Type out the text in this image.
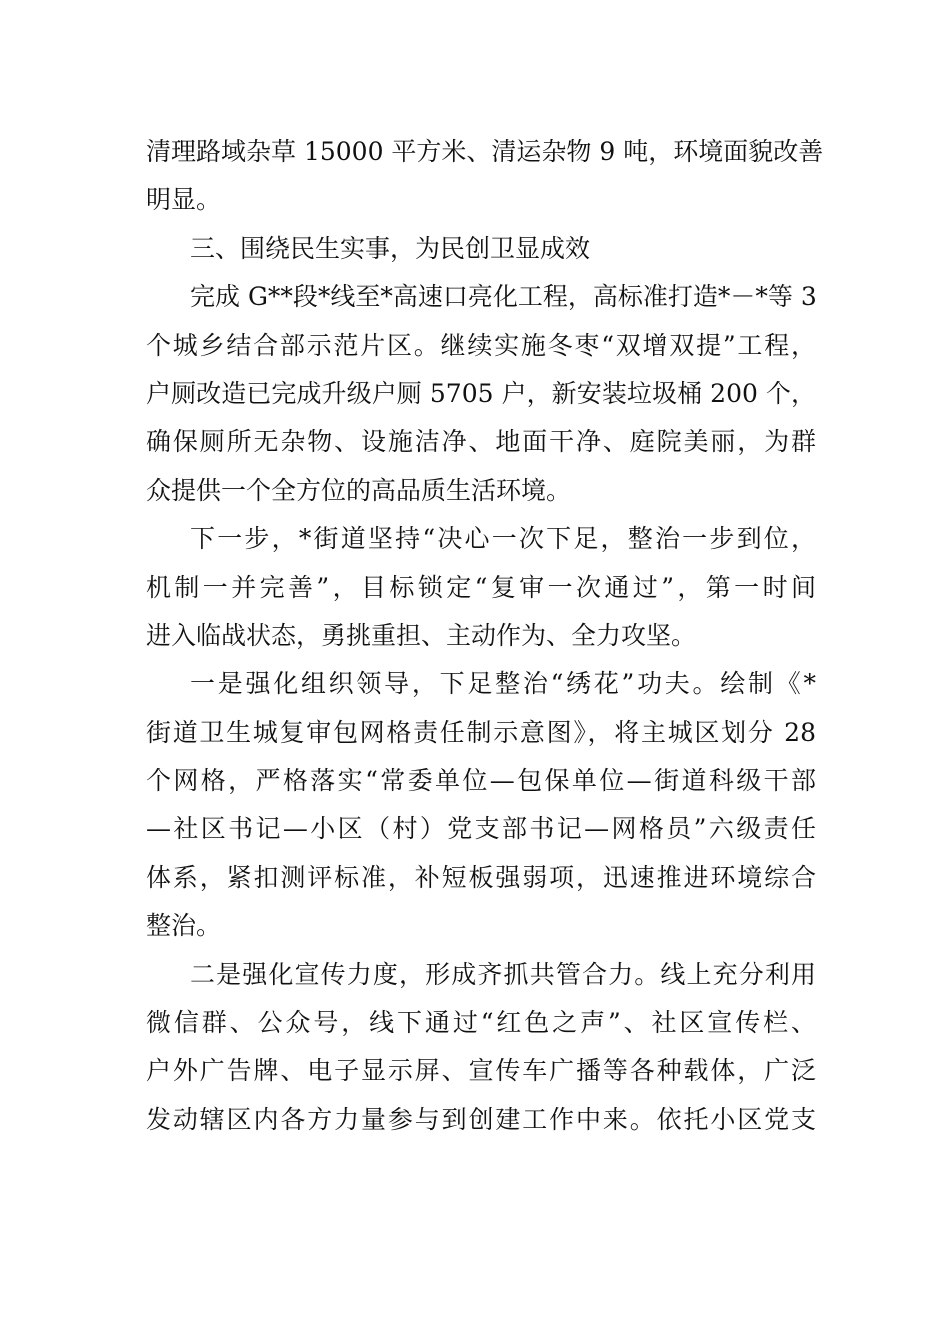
清理路域杂草 15000 平方米、清运杂物 9 吨，环境面貌改善
明显。
三、围绕民生实事，为民创卫显成效
完成 G**段*线至*高速口亮化工程，高标准打造*－*等 3
个城乡结合部示范片区。继续实施冬枣“双增双提”工程，
户厕改造已完成升级户厕 5705 户，新安装垃圾桶 200 个，
确保厕所无杂物、设施洁净、地面干净、庭院美丽，为群
众提供一个全方位的高品质生活环境。
下一步，*街道坚持“决心一次下足，整治一步到位，
机制一并完善”，目标锁定“复审一次通过”，第一时间
进入临战状态，勇挑重担、主动作为、全力攻坚。
一是强化组织领导，下足整治“绣花”功夫。绘制《*
街道卫生城复审包网格责任制示意图》，将主城区划分 28
个网格，严格落实“常委单位—包保单位—街道科级干部
—社区书记—小区（村）党支部书记—网格员”六级责任
体系，紧扣测评标准，补短板强弱项，迅速推进环境综合
整治。
二是强化宣传力度，形成齐抓共管合力。线上充分利用
微信群、公众号，线下通过“红色之声”、社区宣传栏、
户外广告牌、电子显示屏、宣传车广播等各种载体，广泛
发动辖区内各方力量参与到创建工作中来。依托小区党支
